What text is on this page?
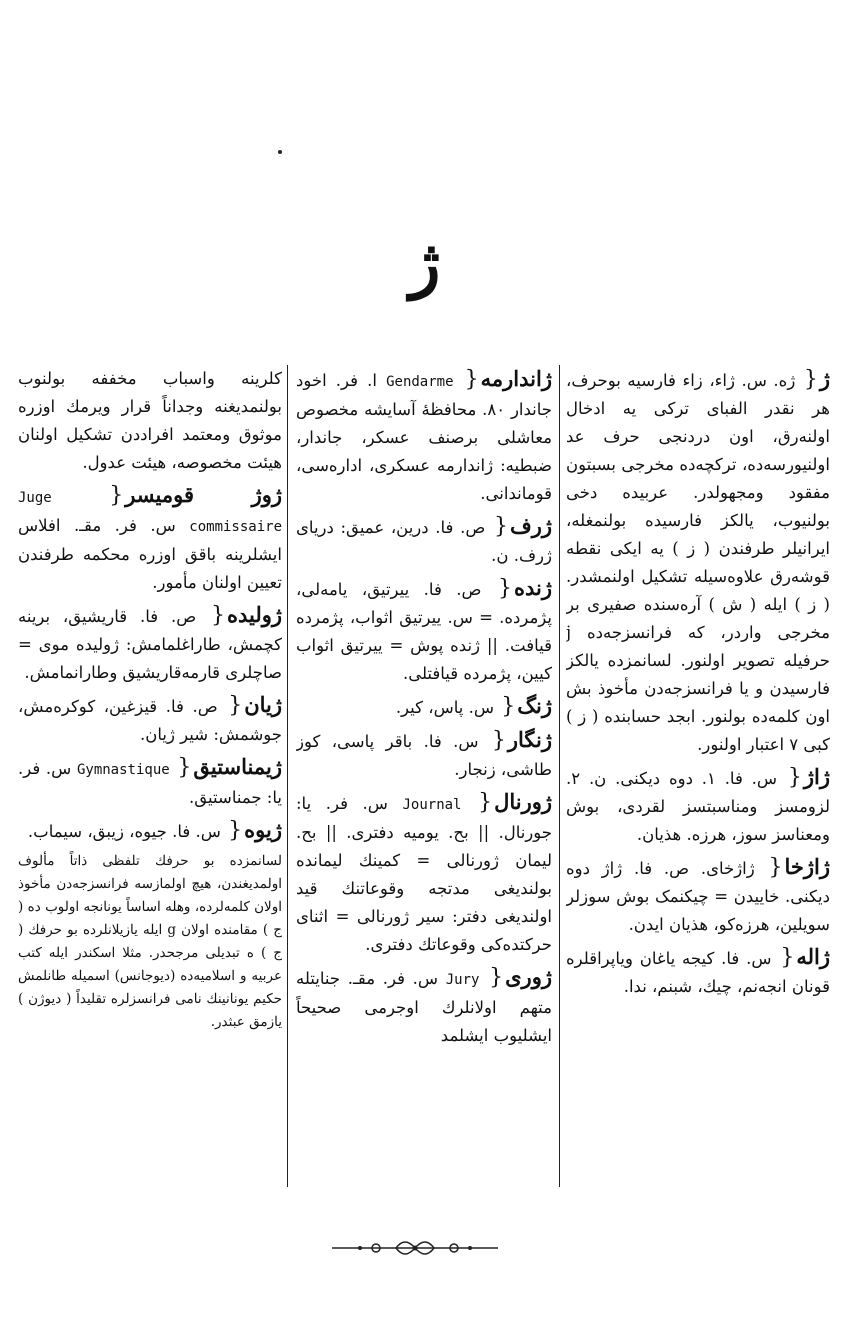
ژ
ژ{ ژه. س. ژاء، زاء فارسیه بوحرف، هر نقدر الفبای ترکی یه ادخال اولنه‌رق، اون دردنجی حرف عد اولنیورسه‌ده، ترکچه‌ده مخرجی بسبتون مفقود ومجهولدر. عربیده دخی بولنیوب، یالکز فارسیده بولنمغله، ایرانیلر طرفندن ( ز ) یه ایکی نقطه قوشه‌رق علاوه‌سیله تشکیل اولنمشدر. ( ز ) ایله ( ش ) آره‌سنده صفیری بر مخرجی واردر، که فرانسزجه‌ده j حرفیله تصویر اولنور. لسانمزده یالکز فارسیدن و یا فرانسزجه‌دن مأخوذ بش اون کلمه‌ده بولنور. ابجد حسابنده ( ز ) کبی ۷ اعتبار اولنور.
ژاژ{ س. فا. ۱. دوه دیکنی. ن. ۲. لزومسز ومناسبتسز لقردی، بوش ومعناسز سوز، هرزه. هذیان.
ژاژخا{ ژاژخای. ص. فا. ژاژ دوه دیکنی. خاییدن = چیکنمک بوش سوزلر سویلین، هرزه‌کو، هذیان ایدن.
ژاله{ س. فا. کیجه یاغان ویاپراقلره قونان انجه‌نم، چیك، شبنم، ندا.
ژاندارمه{ Gendarme ا. فر. اخود جاندار ۸۰. محافظهٔ آسایشه مخصوص معاشلی برصنف عسکر، جاندار، ضبطیه: ژاندارمه عسکری، اداره‌سی، قوماندانی.
ژرف{ ص. فا. درین، عمیق: دریای ژرف. ن.
ژنده{ ص. فا. ییرتیق، یامه‌لی، پژمرده. = س. ییرتیق اثواب، پژمرده قیافت. || ژنده پوش = ییرتیق اثواب کیین، پژمرده قیافتلی.
ژنگ{ س. پاس، کیر.
ژنگار{ س. فا. باقر پاسی، کوز طاشی، زنجار.
ژورنال{ Journal س. فر. یا: جورنال. || بح. یومیه دفتری. || بح. لیمان ژورنالی = کمینك لیمانده بولندیغی مدتجه وقوعاتنك قید اولندیغی دفتر: سیر ژورنالی = اثنای حرکتده‌کی وقوعاتك دفتری.
ژوری{ Jury س. فر. مقـ. جنایتله متهم اولانلرك اوجرمی صحیحاً ایشلیوب ایشلمد
کلرینه واسباب مخففه بولنوب بولنمدیغنه وجداناً قرار ویرمك اوزره موثوق ومعتمد افراددن تشکیل اولنان هیئت مخصوصه، هیئت عدول.
ژوژ قومیسر{ Juge commissaire س. فر. مقـ. افلاس ایشلرینه باقق اوزره محکمه طرفندن تعیین اولنان مأمور.
ژولیده{ ص. فا. قاریشیق، برینه کچمش، طاراغلمامش: ژولیده موی = صاچلری قارمه‌قاریشیق وطارانمامش.
ژیان{ ص. فا. قیزغین، کوکره‌مش، جوشمش: شیر ژیان.
ژیمناستیق{ Gymnastique س. فر. یا: جمناستیق.
ژیوه{ س. فا. جیوه، زیبق، سیماب.
لسانمزده بو حرفك تلفظی ذاتاً مألوف اولمدیغندن، هیچ اولمازسه فرانسزجه‌دن مأخوذ اولان کلمه‌لرده، وهله اساساً یونانجه اولوب ده ( ج ) مقامنده اولان g ایله یازیلانلرده بو حرفك ( ج ) ه تبدیلی مرجحدر. مثلا اسکندر ایله کتب عربیه و اسلامیه‌ده (دیوجانس) اسمیله طانلمش حکیم یونانینك نامی فرانسزلره تقلیداً ( دیوژن ) یازمق عبثدر.
